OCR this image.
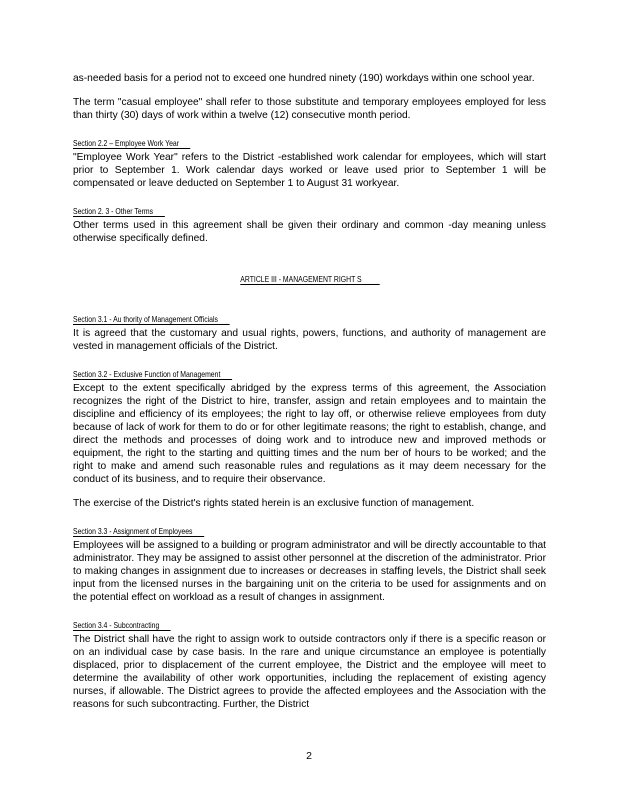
as-needed basis for a period not to exceed one hundred ninety (190) workdays within one school year.

The term "casual employee" shall refer to those substitute and temporary employees employed for less than thirty (30) days of work within a twelve (12) consecutive month period.

Section 2.2 – Employee Work Year

"Employee Work Year" refers to the District -established work calendar for employees, which will start prior to September 1. Work calendar days worked or leave used prior to September 1 will be compensated or leave deducted on September 1 to August 31 workyear.

Section 2. 3 - Other Terms

Other terms used in this agreement shall be given their ordinary and common -day meaning unless otherwise specifically defined.

ARTICLE III - MANAGEMENT RIGHT S
Section 3.1 - Au thority of Management Officials

It is agreed that the customary and usual rights, powers, functions, and authority of management are vested in management officials of the District.

Section 3.2 - Exclusive Function of Management

Except to the extent specifically abridged by the express terms of this agreement, the Association recognizes the right of the District to hire, transfer, assign and retain employees and to maintain the discipline and efficiency of its employees; the right to lay off, or otherwise relieve employees from duty because of lack of work for them to do or for other legitimate reasons; the right to establish, change, and direct the methods and processes of doing work and to introduce new and improved methods or equipment, the right to the starting and quitting times and the num ber of hours to be worked; and the right to make and amend such reasonable rules and regulations as it may deem necessary for the conduct of its business, and to require their observance.

The exercise of the District's rights stated herein is an exclusive function of management.

Section 3.3 - Assignment of Employees

Employees will be assigned to a building or program administrator and will be directly accountable to that administrator. They may be assigned to assist other personnel at the discretion of the administrator. Prior to making changes in assignment due to increases or decreases in staffing levels, the District shall seek input from the licensed nurses in the bargaining unit on the criteria to be used for assignments and on the potential effect on workload as a result of changes in assignment.

Section 3.4 - Subcontracting

The District shall have the right to assign work to outside contractors only if there is a specific reason or on an individual case by case basis. In the rare and unique circumstance an employee is potentially displaced, prior to displacement of the current employee, the District and the employee will meet to determine the availability of other work opportunities, including the replacement of existing agency nurses, if allowable. The District agrees to provide the affected employees and the Association with the reasons for such subcontracting. Further, the District

2
